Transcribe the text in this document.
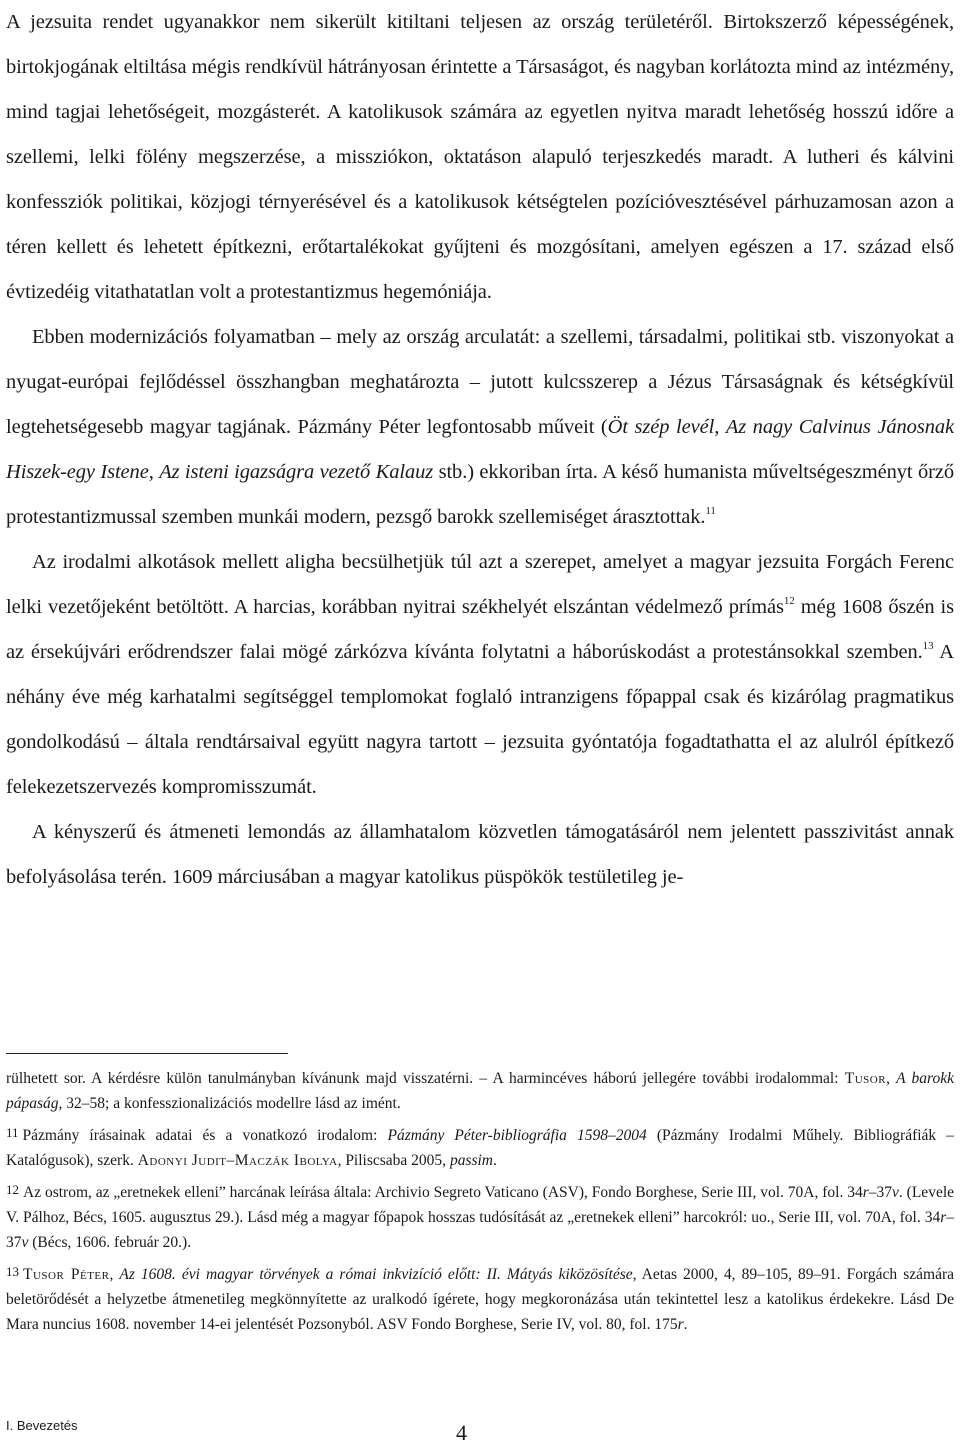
A jezsuita rendet ugyanakkor nem sikerült kitiltani teljesen az ország területéről. Birtokszerző képességének, birtokjogának eltiltása mégis rendkívül hátrányosan érintette a Társaságot, és nagyban korlátozta mind az intézmény, mind tagjai lehetőségeit, mozgásterét. A katolikusok számára az egyetlen nyitva maradt lehetőség hosszú időre a szellemi, lelki fölény megszerzése, a missziókon, oktatáson alapuló terjeszkedés maradt. A lutheri és kálvini konfessziók politikai, közjogi térnyerésével és a katolikusok kétségtelen pozícióvesztésével párhuzamosan azon a téren kellett és lehetett építkezni, erőtartalékokat gyűjteni és mozgósítani, amelyen egészen a 17. század első évtizedéig vitathatatlan volt a protestantizmus hegemóniája.

Ebben modernizációs folyamatban – mely az ország arculatát: a szellemi, társadalmi, politikai stb. viszonyokat a nyugat-európai fejlődéssel összhangban meghatározta – jutott kulcsszerep a Jézus Társaságnak és kétségkívül legtehetségesebb magyar tagjának. Pázmány Péter legfontosabb műveit (Öt szép levél, Az nagy Calvinus Jánosnak Hiszek-egy Istene, Az isteni igazságra vezető Kalauz stb.) ekkoriban írta. A késő humanista műveltségeszményt őrző protestantizmussal szemben munkái modern, pezsgő barokk szellemiséget árasztottak.$^{11}$

Az irodalmi alkotások mellett aligha becsülhetjük túl azt a szerepet, amelyet a magyar jezsuita Forgách Ferenc lelki vezetőjeként betöltött. A harcias, korábban nyitrai székhelyét elszántan védelmező prímás$^{12}$ még 1608 őszén is az érsekújvári erődrendszer falai mögé zárkózva kívánta folytatni a háborúskodást a protestánsokkal szemben.$^{13}$ A néhány éve még karhatalmi segítséggel templomokat foglaló intranzigens főpappal csak és kizárólag pragmatikus gondolkodású – általa rendtársaival együtt nagyra tartott – jezsuita gyóntatója fogadtathatta el az alulról építkező felekezetszervezés kompromisszumát.

A kényszerű és átmeneti lemondás az államhatalom közvetlen támogatásáról nem jelentett passzivitást annak befolyásolása terén. 1609 márciusában a magyar katolikus püspökök testületileg je-

rülhetett sor. A kérdésre külön tanulmányban kívánunk majd visszatérni. – A harmincéves háború jellegére további irodalommal: Tusor, A barokk pápaság, 32–58; a konfesszionalizációs modellre lásd az imént.

11 Pázmány írásainak adatai és a vonatkozó irodalom: Pázmány Péter-bibliográfia 1598–2004 (Pázmány Irodalmi Műhely. Bibliográfiák – Katalógusok), szerk. Adonyi Judit–Maczák Ibolya, Piliscsaba 2005, passim.

12 Az ostrom, az „eretnekek elleni” harcának leírása általa: Archivio Segreto Vaticano (ASV), Fondo Borghese, Serie III, vol. 70A, fol. 34r–37v. (Levele V. Pálhoz, Bécs, 1605. augusztus 29.). Lásd még a magyar főpapok hosszas tudósítását az „eretnekek elleni” harcokról: uo., Serie III, vol. 70A, fol. 34r–37v (Bécs, 1606. február 20.).

13 Tusor Péter, Az 1608. évi magyar törvények a római inkvizíció előtt: II. Mátyás kiközösítése, Aetas 2000, 4, 89–105, 89–91. Forgách számára beletörődését a helyzetbe átmenetileg megkönnyítette az uralkodó ígérete, hogy megkoronázása után tekintettel lesz a katolikus érdekekre. Lásd De Mara nuncius 1608. november 14-ei jelentését Pozsonyból. ASV Fondo Borghese, Serie IV, vol. 80, fol. 175r.

I. Bevezetés	4
